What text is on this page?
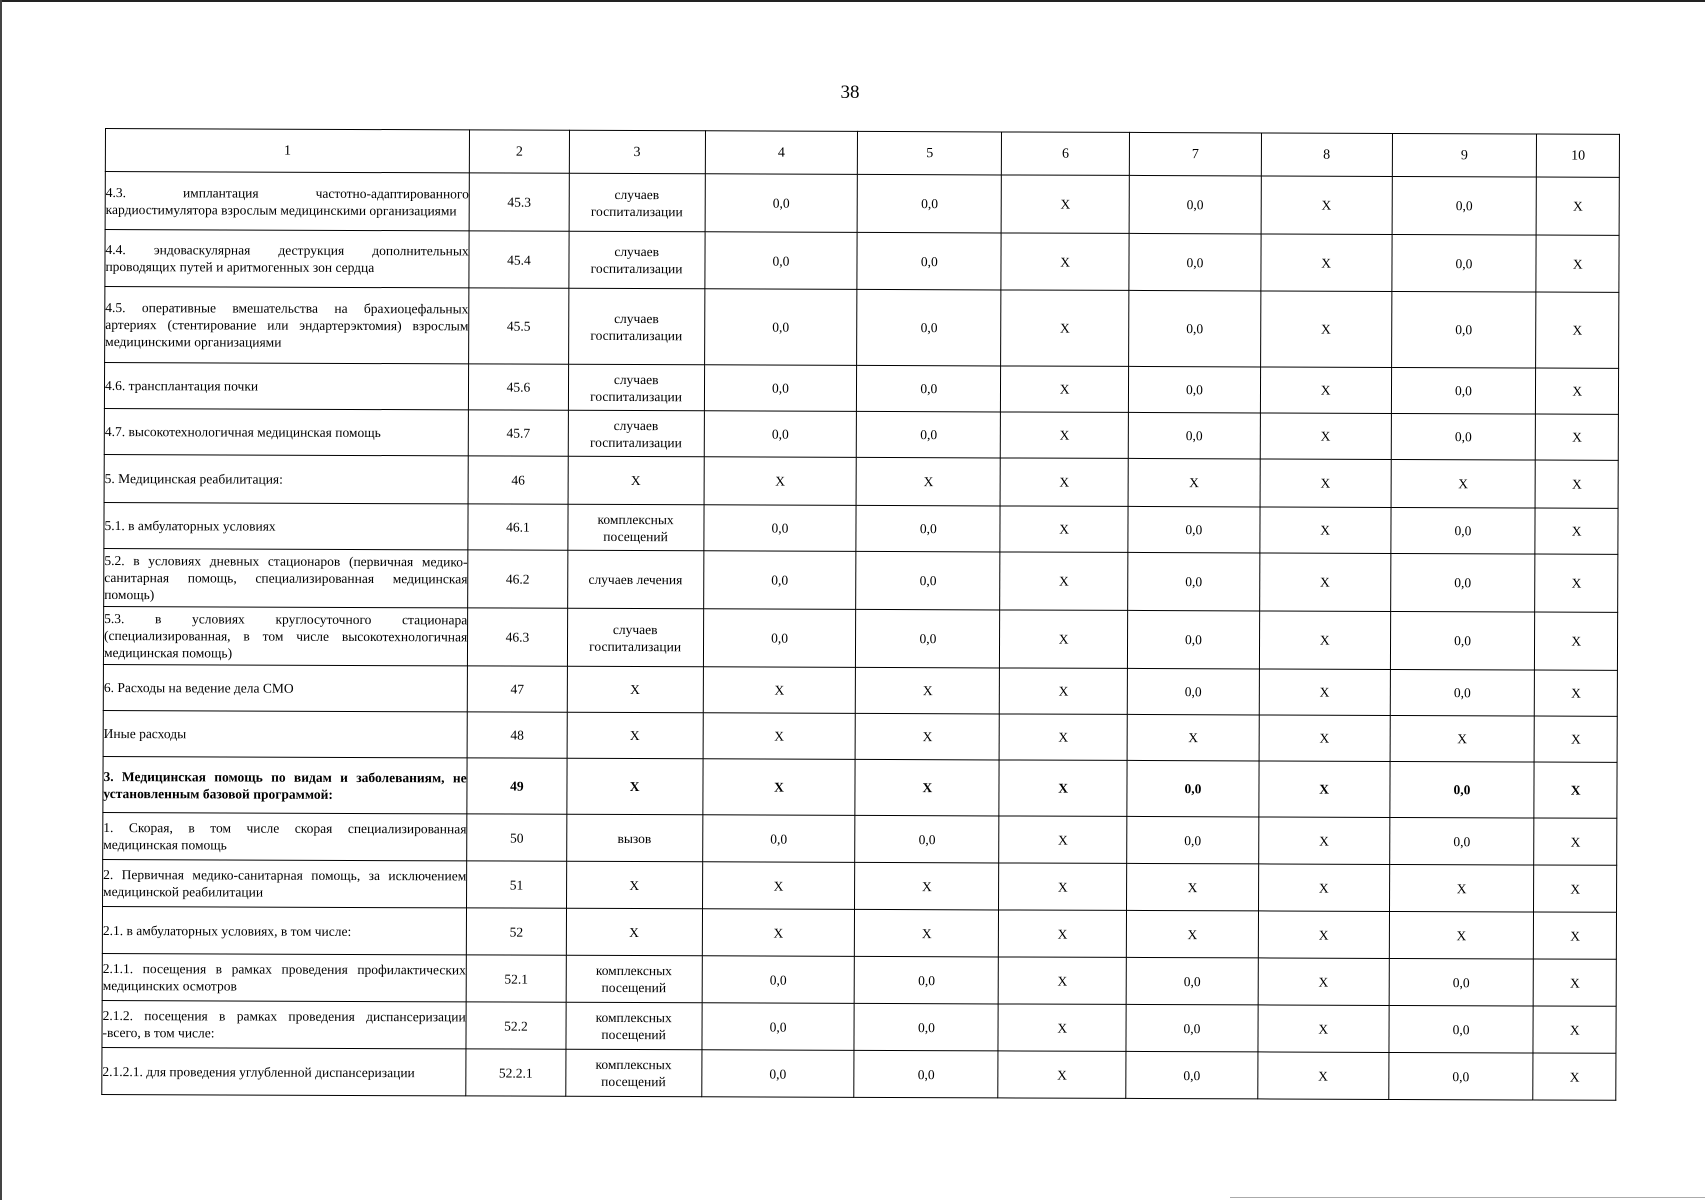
38
1	2	3	4	5	6	7	8	9	10
4.3. имплантация частотно-адаптированного кардиостимулятора взрослым медицинскими организациями	45.3	случаев госпитализации	0,0	0,0	Х	0,0	Х	0,0	Х
4.4. эндоваскулярная деструкция дополнительных проводящих путей и аритмогенных зон сердца	45.4	случаев госпитализации	0,0	0,0	Х	0,0	Х	0,0	Х
4.5. оперативные вмешательства на брахиоцефальных артериях (стентирование или эндартерэктомия) взрослым медицинскими организациями	45.5	случаев госпитализации	0,0	0,0	Х	0,0	Х	0,0	Х
4.6. трансплантация почки	45.6	случаев госпитализации	0,0	0,0	Х	0,0	Х	0,0	Х
4.7. высокотехнологичная медицинская помощь	45.7	случаев госпитализации	0,0	0,0	Х	0,0	Х	0,0	Х
5. Медицинская реабилитация:	46	Х	Х	Х	Х	Х	Х	Х	Х
5.1. в амбулаторных условиях	46.1	комплексных посещений	0,0	0,0	Х	0,0	Х	0,0	Х
5.2. в условиях дневных стационаров (первичная медико-санитарная помощь, специализированная медицинская помощь)	46.2	случаев лечения	0,0	0,0	Х	0,0	Х	0,0	Х
5.3. в условиях круглосуточного стационара (специализированная, в том числе высокотехнологичная медицинская помощь)	46.3	случаев госпитализации	0,0	0,0	Х	0,0	Х	0,0	Х
6. Расходы на ведение дела СМО	47	Х	Х	Х	Х	0,0	Х	0,0	Х
Иные расходы	48	Х	Х	Х	Х	Х	Х	Х	Х
3. Медицинская помощь по видам и заболеваниям, не установленным базовой программой:	49	Х	Х	Х	Х	0,0	Х	0,0	Х
1. Скорая, в том числе скорая специализированная медицинская помощь	50	вызов	0,0	0,0	Х	0,0	Х	0,0	Х
2. Первичная медико-санитарная помощь, за исключением медицинской реабилитации	51	Х	Х	Х	Х	Х	Х	Х	Х
2.1. в амбулаторных условиях, в том числе:	52	Х	Х	Х	Х	Х	Х	Х	Х
2.1.1. посещения в рамках проведения профилактических медицинских осмотров	52.1	комплексных посещений	0,0	0,0	Х	0,0	Х	0,0	Х
2.1.2. посещения в рамках проведения диспансеризации -всего, в том числе:	52.2	комплексных посещений	0,0	0,0	Х	0,0	Х	0,0	Х
2.1.2.1. для проведения углубленной диспансеризации	52.2.1	комплексных посещений	0,0	0,0	Х	0,0	Х	0,0	Х
